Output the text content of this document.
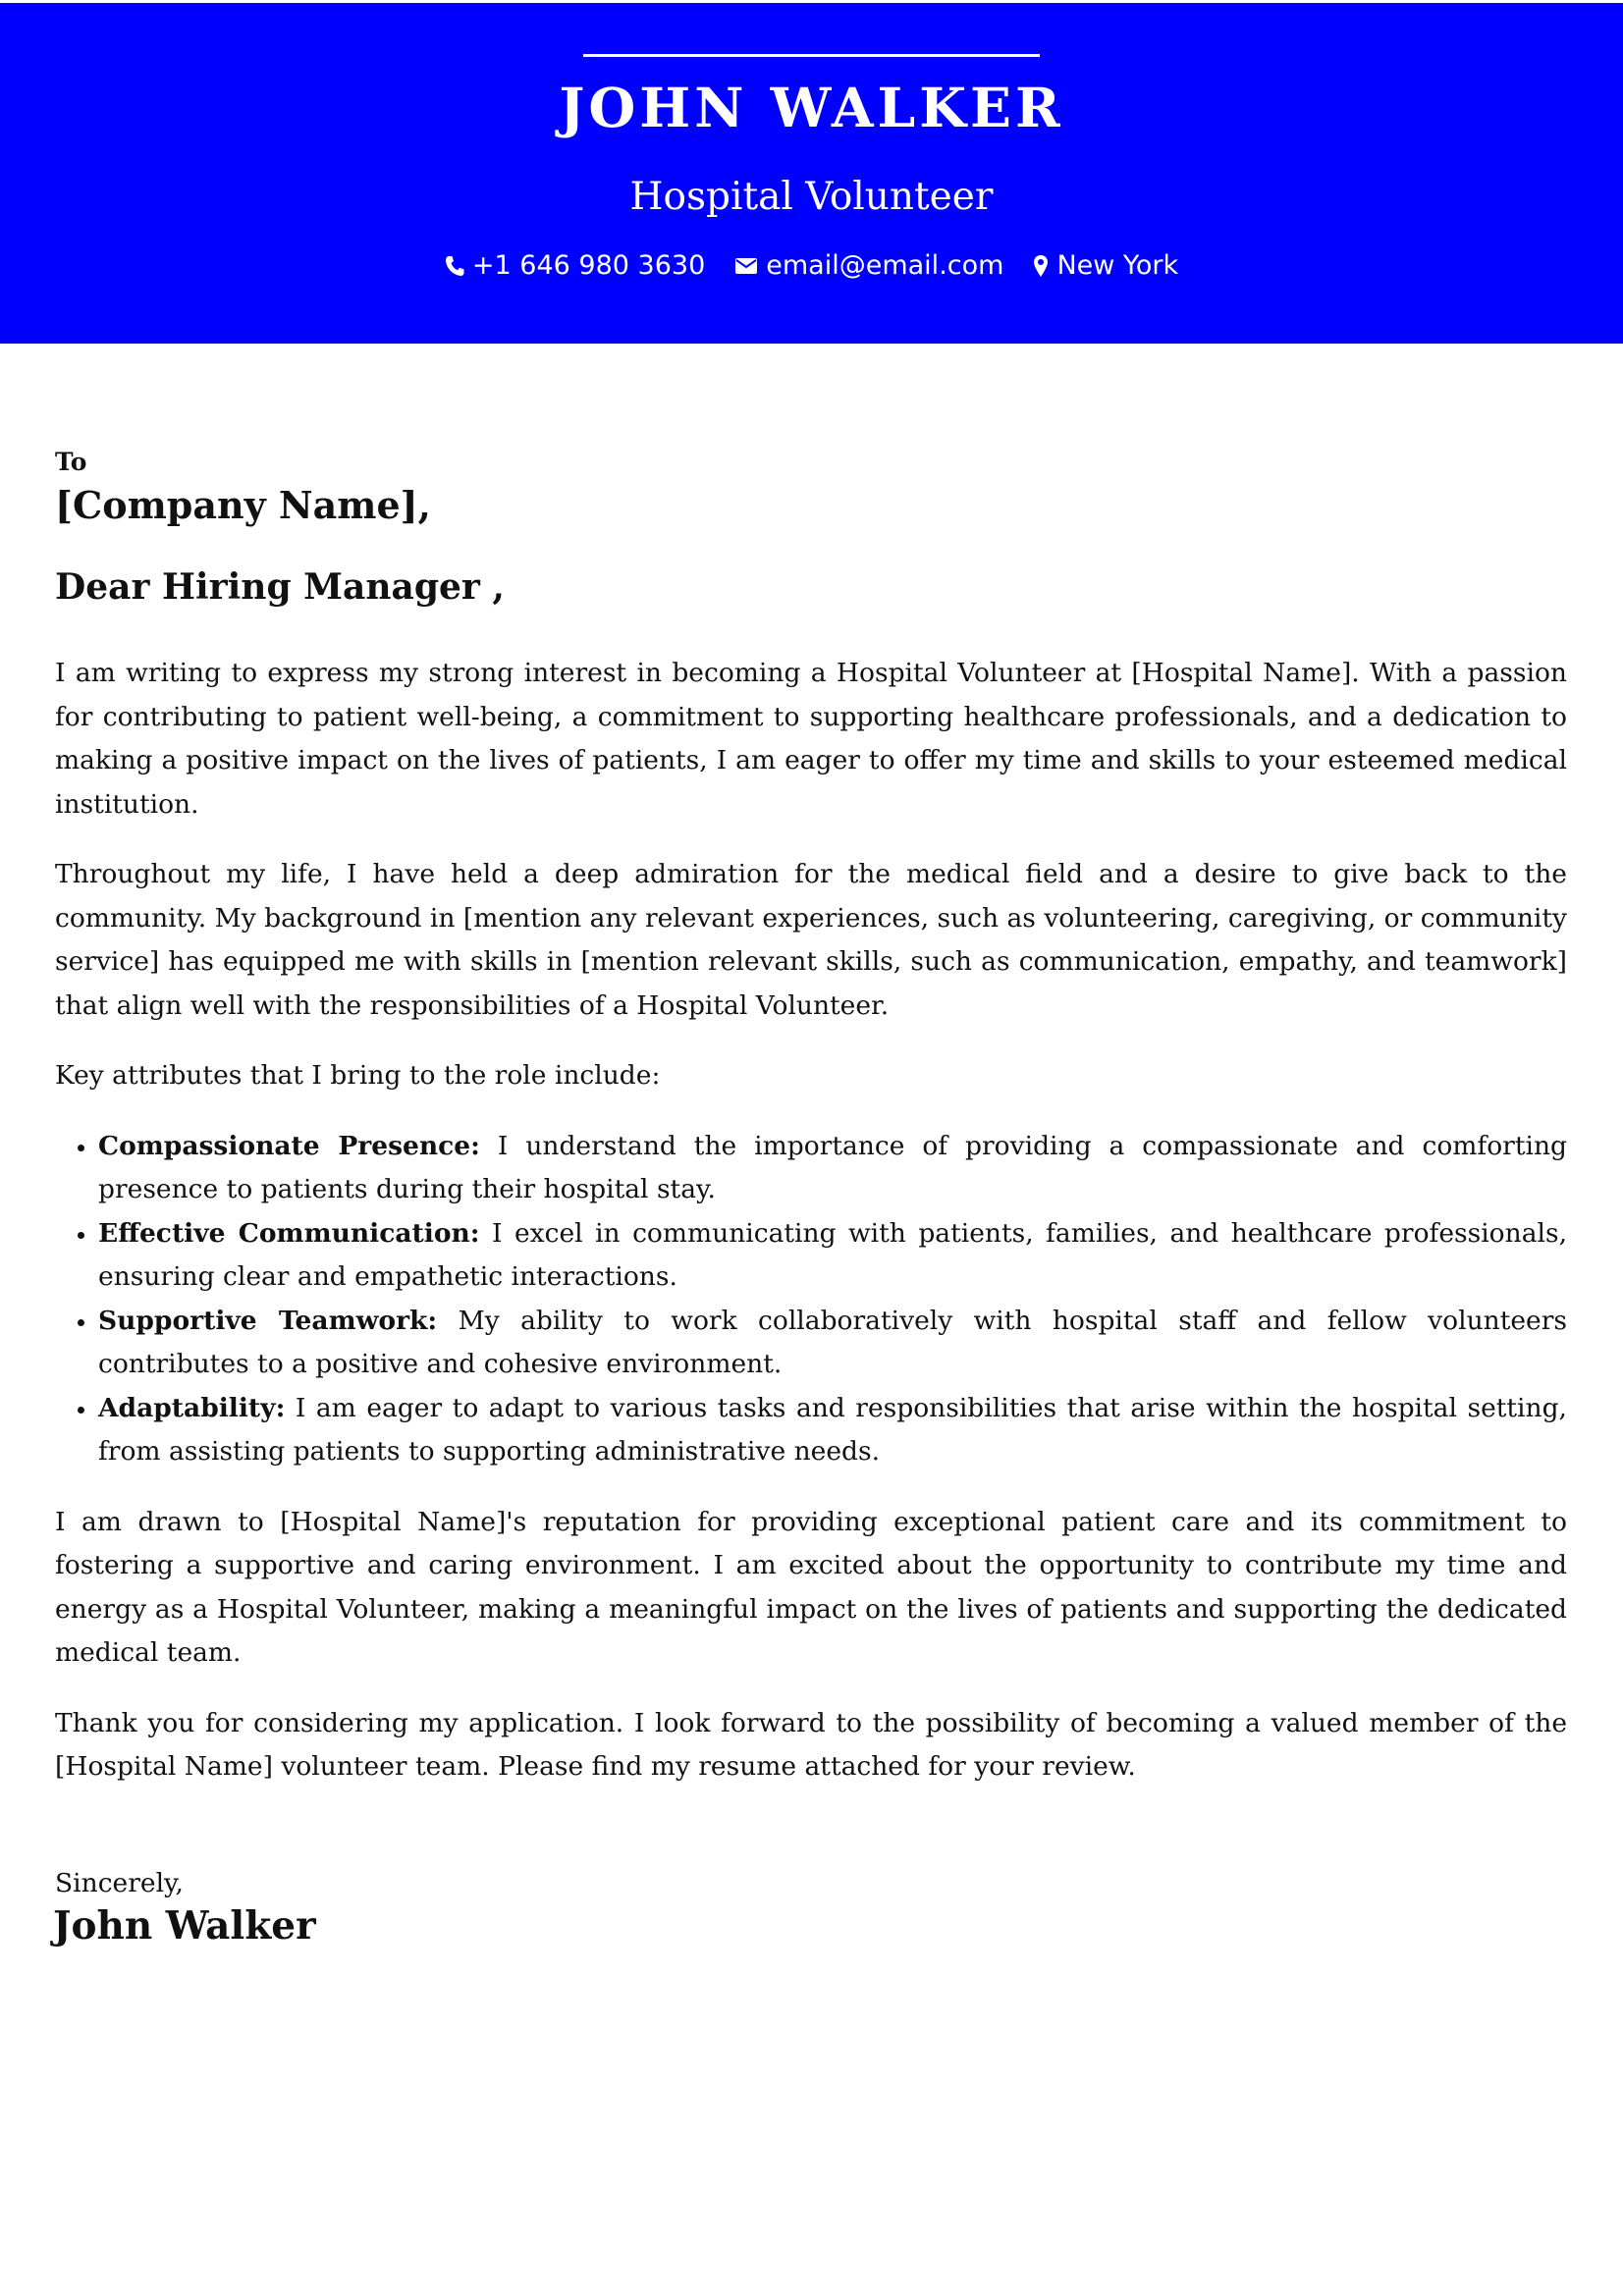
JOHN WALKER
Hospital Volunteer
+1 646 980 3630 email@email.com New York
To
[Company Name],
Dear Hiring Manager ,

I am writing to express my strong interest in becoming a Hospital Volunteer at [Hospital Name]. With a passion for contributing to patient well-being, a commitment to supporting healthcare professionals, and a dedication to making a positive impact on the lives of patients, I am eager to offer my time and skills to your esteemed medical institution.

Throughout my life, I have held a deep admiration for the medical field and a desire to give back to the community. My background in [mention any relevant experiences, such as volunteering, caregiving, or community service] has equipped me with skills in [mention relevant skills, such as communication, empathy, and teamwork] that align well with the responsibilities of a Hospital Volunteer.

Key attributes that I bring to the role include:

• Compassionate Presence: I understand the importance of providing a compassionate and comforting presence to patients during their hospital stay.
• Effective Communication: I excel in communicating with patients, families, and healthcare professionals, ensuring clear and empathetic interactions.
• Supportive Teamwork: My ability to work collaboratively with hospital staff and fellow volunteers contributes to a positive and cohesive environment.
• Adaptability: I am eager to adapt to various tasks and responsibilities that arise within the hospital setting, from assisting patients to supporting administrative needs.

I am drawn to [Hospital Name]'s reputation for providing exceptional patient care and its commitment to fostering a supportive and caring environment. I am excited about the opportunity to contribute my time and energy as a Hospital Volunteer, making a meaningful impact on the lives of patients and supporting the dedicated medical team.

Thank you for considering my application. I look forward to the possibility of becoming a valued member of the [Hospital Name] volunteer team. Please find my resume attached for your review.

Sincerely,
John Walker
